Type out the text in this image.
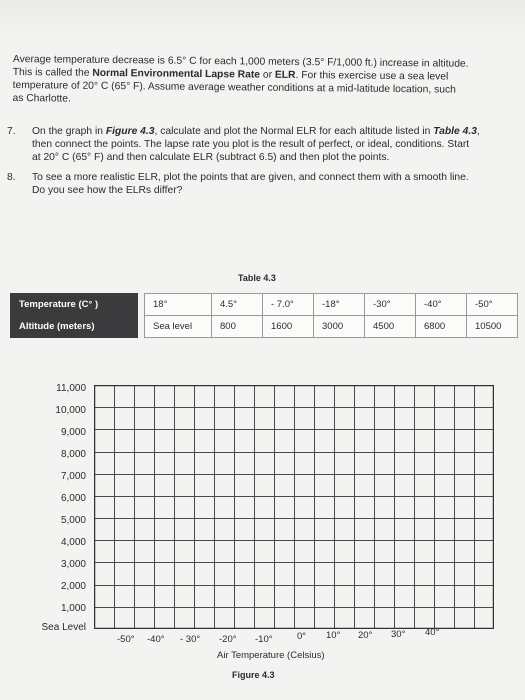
Average temperature decrease is 6.5° C for each 1,000 meters (3.5° F/1,000 ft.) increase in altitude.
This is called the Normal Environmental Lapse Rate or ELR. For this exercise use a sea level
temperature of 20° C (65° F). Assume average weather conditions at a mid-latitude location, such
as Charlotte.
7. On the graph in Figure 4.3, calculate and plot the Normal ELR for each altitude listed in Table 4.3,
then connect the points. The lapse rate you plot is the result of perfect, or ideal, conditions. Start
at 20° C (65° F) and then calculate ELR (subtract 6.5) and then plot the points.
8. To see a more realistic ELR, plot the points that are given, and connect them with a smooth line.
Do you see how the ELRs differ?
Table 4.3
Temperature (C° )		18°	4.5°	- 7.0°	-18°	-30°	-40°	-50°
Altitude (meters)		Sea level	800	1600	3000	4500	6800	10500
11,000
10,000
9,000
8,000
7,000
6,000
5,000
4,000
3,000
2,000
1,000
Sea Level
-50° -40° - 30° -20° -10°	0° 10° 20° 30° 40°
Air Temperature (Celsius)
Figure 4.3
